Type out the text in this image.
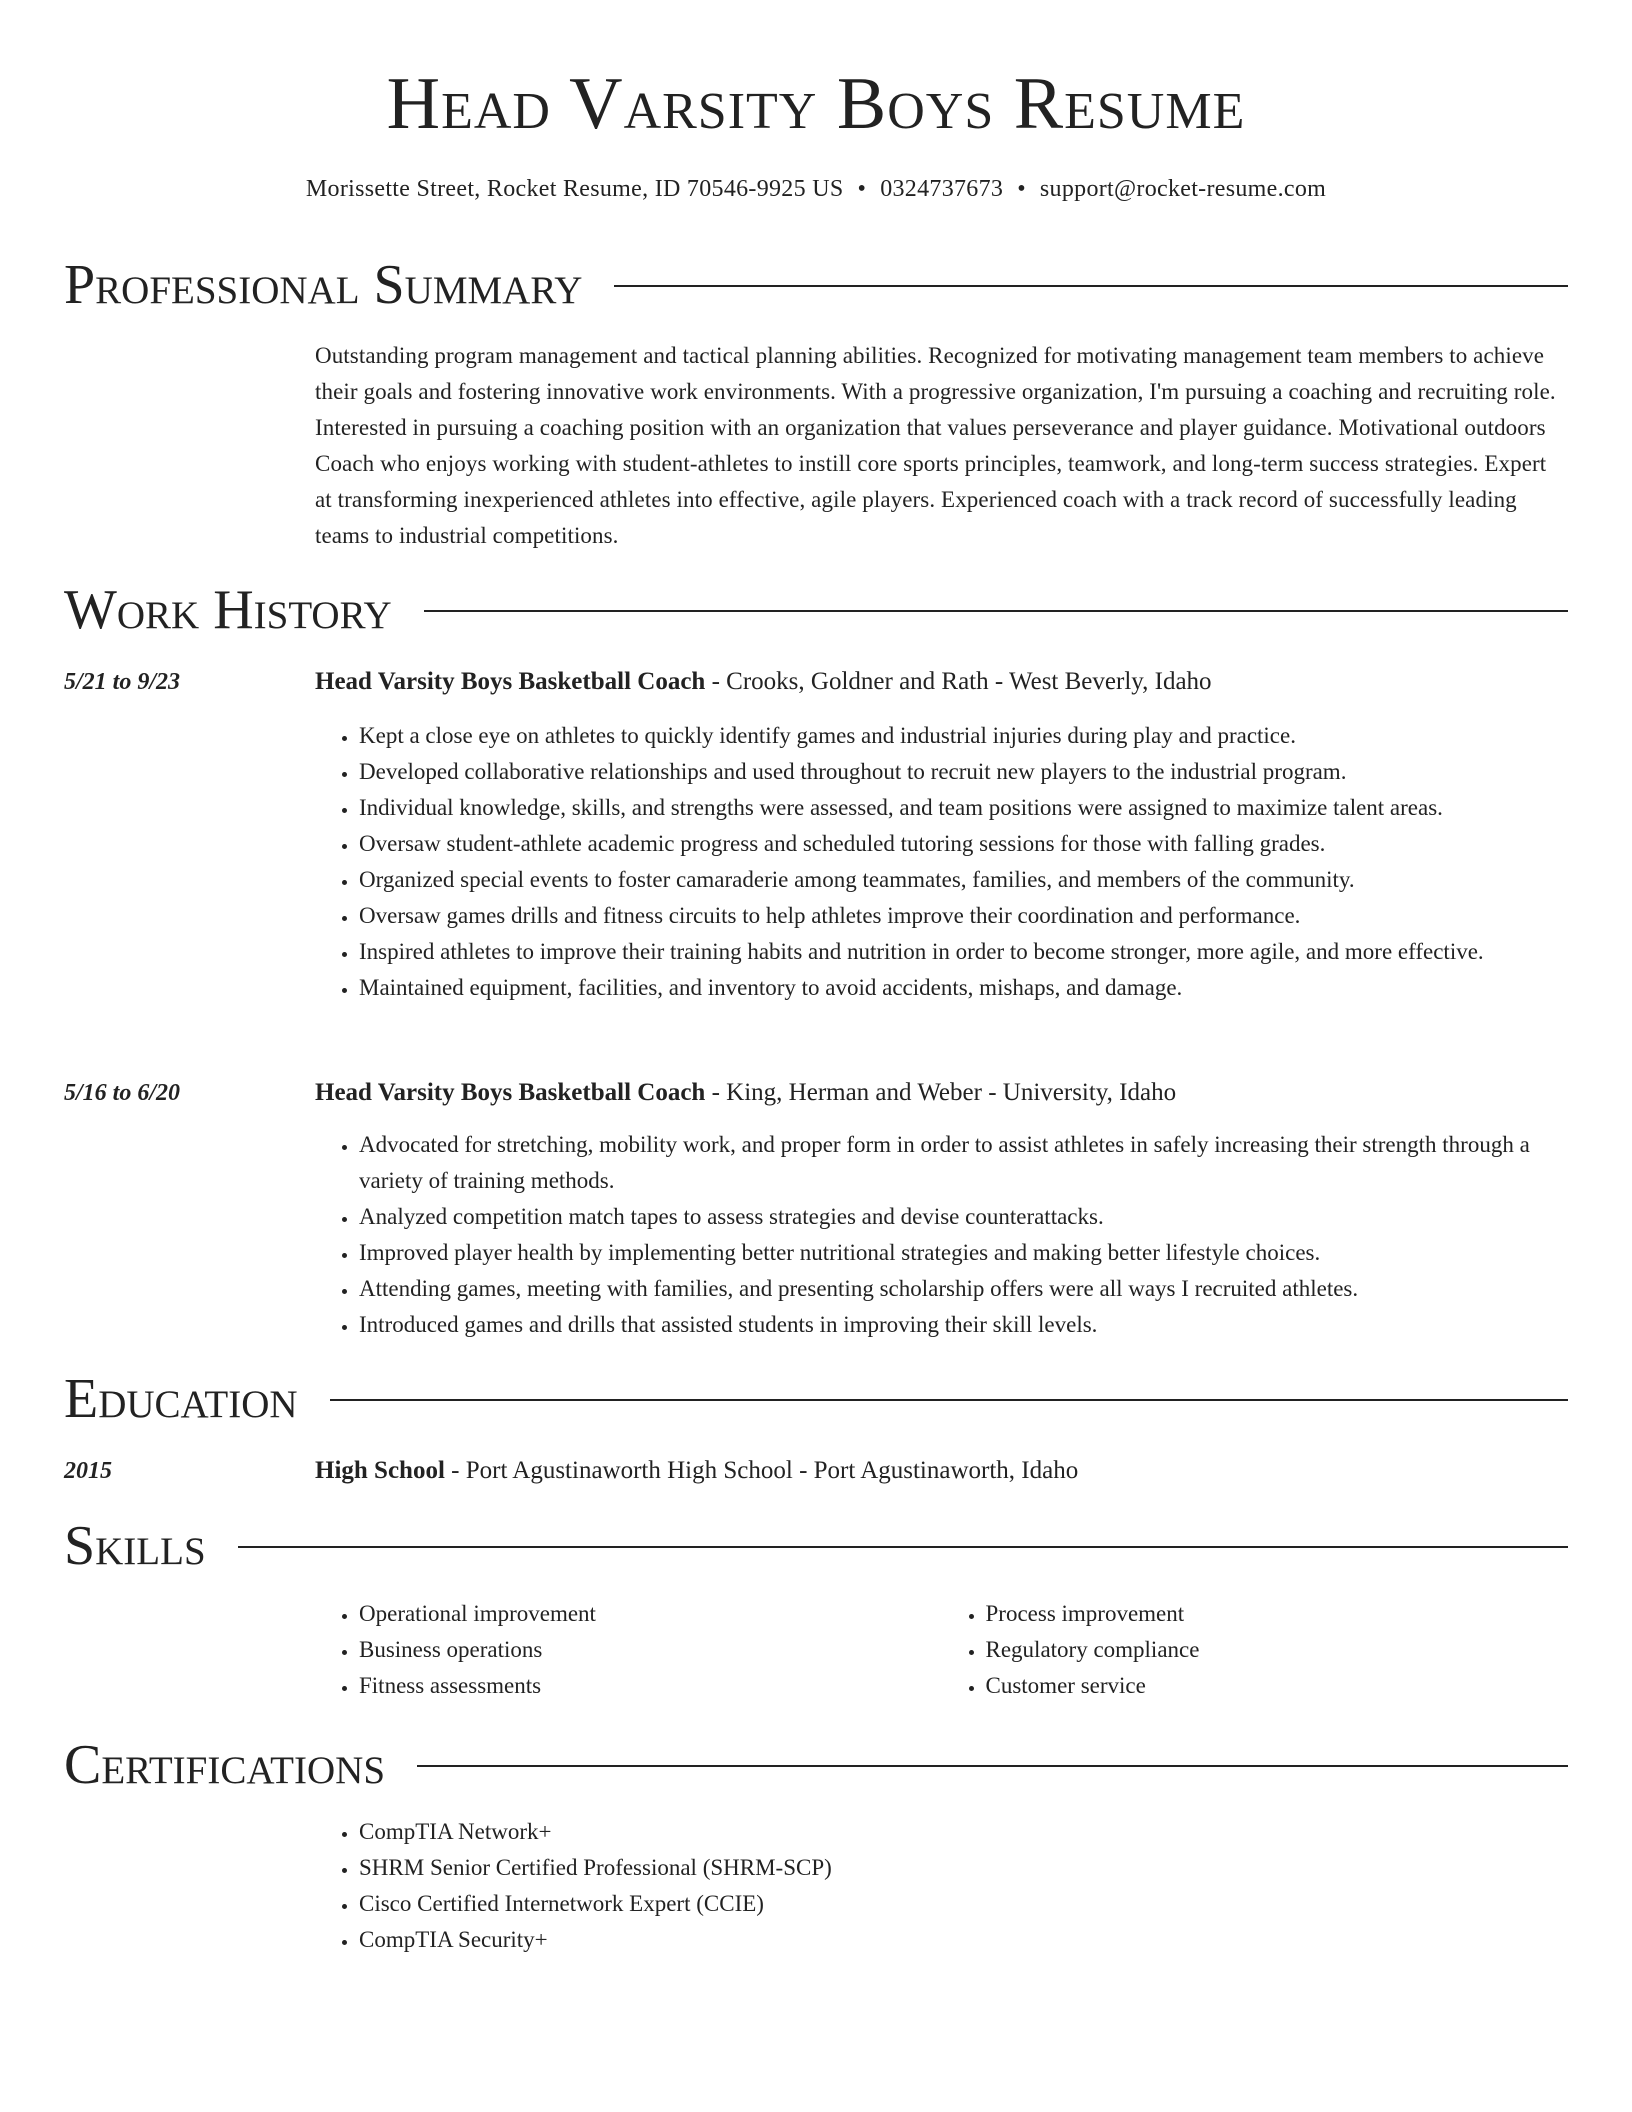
Head Varsity Boys Resume
Morissette Street, Rocket Resume, ID 70546-9925 US • 0324737673 • support@rocket-resume.com
Professional Summary

Outstanding program management and tactical planning abilities. Recognized for motivating management team members to achieve their goals and fostering innovative work environments. With a progressive organization, I'm pursuing a coaching and recruiting role. Interested in pursuing a coaching position with an organization that values perseverance and player guidance. Motivational outdoors Coach who enjoys working with student-athletes to instill core sports principles, teamwork, and long-term success strategies. Expert at transforming inexperienced athletes into effective, agile players. Experienced coach with a track record of successfully leading teams to industrial competitions.

Work History
5/21 to 9/23	Head Varsity Boys Basketball Coach - Crooks, Goldner and Rath - West Beverly, Idaho

• Kept a close eye on athletes to quickly identify games and industrial injuries during play and practice.
• Developed collaborative relationships and used throughout to recruit new players to the industrial program.
• Individual knowledge, skills, and strengths were assessed, and team positions were assigned to maximize talent areas.
• Oversaw student-athlete academic progress and scheduled tutoring sessions for those with falling grades.
• Organized special events to foster camaraderie among teammates, families, and members of the community.
• Oversaw games drills and fitness circuits to help athletes improve their coordination and performance.
• Inspired athletes to improve their training habits and nutrition in order to become stronger, more agile, and more effective.
• Maintained equipment, facilities, and inventory to avoid accidents, mishaps, and damage.
5/16 to 6/20	Head Varsity Boys Basketball Coach - King, Herman and Weber - University, Idaho

• Advocated for stretching, mobility work, and proper form in order to assist athletes in safely increasing their strength through a variety of training methods.
• Analyzed competition match tapes to assess strategies and devise counterattacks.
• Improved player health by implementing better nutritional strategies and making better lifestyle choices.
• Attending games, meeting with families, and presenting scholarship offers were all ways I recruited athletes.
• Introduced games and drills that assisted students in improving their skill levels.
Education
2015	High School - Port Agustinaworth High School - Port Agustinaworth, Idaho

Skills
• Operational improvement
• Business operations
• Fitness assessments
• Process improvement
• Regulatory compliance
• Customer service
Certifications
• CompTIA Network+
• SHRM Senior Certified Professional (SHRM-SCP)
• Cisco Certified Internetwork Expert (CCIE)
• CompTIA Security+
